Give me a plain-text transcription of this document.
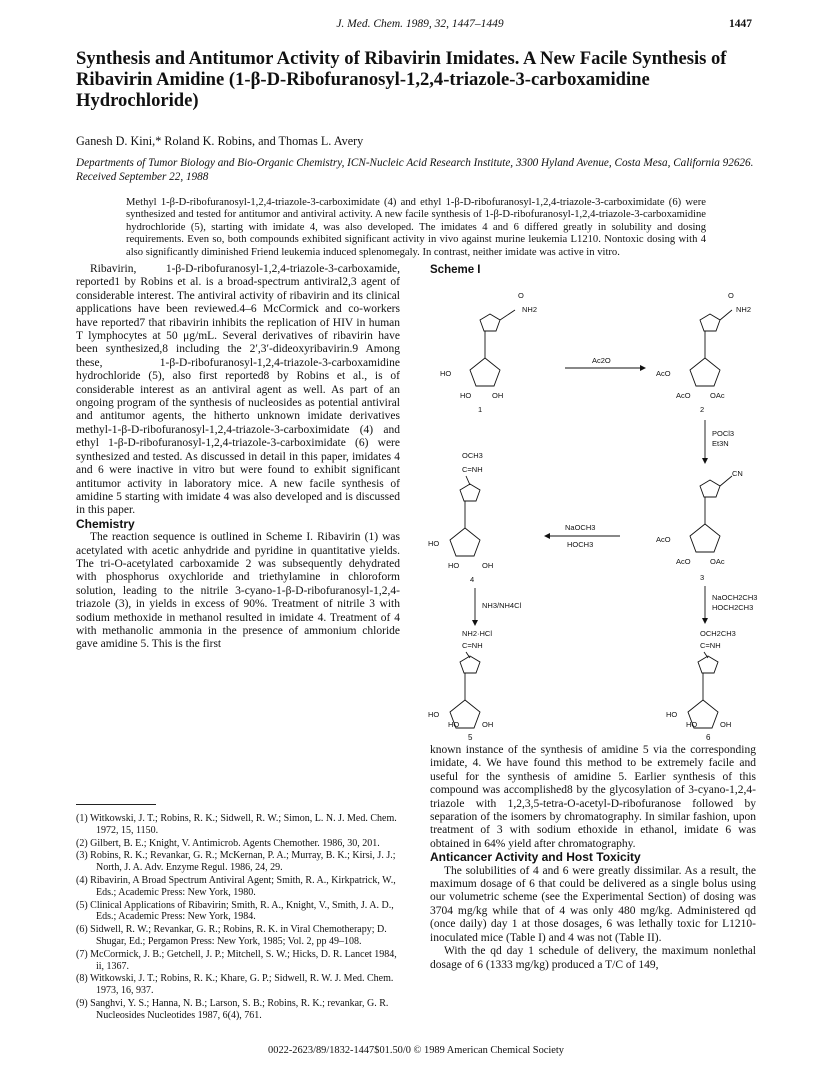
J. Med. Chem. 1989, 32, 1447–1449	1447
Synthesis and Antitumor Activity of Ribavirin Imidates. A New Facile Synthesis of Ribavirin Amidine (1-β-D-Ribofuranosyl-1,2,4-triazole-3-carboxamidine Hydrochloride)
Ganesh D. Kini,* Roland K. Robins, and Thomas L. Avery
Departments of Tumor Biology and Bio-Organic Chemistry, ICN-Nucleic Acid Research Institute, 3300 Hyland Avenue, Costa Mesa, California 92626. Received September 22, 1988
Methyl 1-β-D-ribofuranosyl-1,2,4-triazole-3-carboximidate (4) and ethyl 1-β-D-ribofuranosyl-1,2,4-triazole-3-carboximidate (6) were synthesized and tested for antitumor and antiviral activity. A new facile synthesis of 1-β-D-ribofuranosyl-1,2,4-triazole-3-carboxamidine hydrochloride (5), starting with imidate 4, was also developed. The imidates 4 and 6 differed greatly in solubility and dosing requirements. Even so, both compounds exhibited significant activity in vivo against murine leukemia L1210. Nontoxic dosing with 4 also significantly diminished Friend leukemia induced splenomegaly. In contrast, neither imidate was active in vitro.

Ribavirin, 1-β-D-ribofuranosyl-1,2,4-triazole-3-carboxamide, reported1 by Robins et al. is a broad-spectrum antiviral2,3 agent of considerable interest. The antiviral activity of ribavirin and its clinical applications have been reviewed.4–6 McCormick and co-workers have reported7 that ribavirin inhibits the replication of HIV in human T lymphocytes at 50 μg/mL. Several derivatives of ribavirin have been synthesized,8 including the 2′,3′-dideoxyribavirin.9 Among these, 1-β-D-ribofuranosyl-1,2,4-triazole-3-carboxamidine hydrochloride (5), also first reported8 by Robins et al., is of considerable interest as an antiviral agent as well. As part of an ongoing program of the synthesis of nucleosides as potential antiviral and antitumor agents, the hitherto unknown imidate derivatives methyl-1-β-D-ribofuranosyl-1,2,4-triazole-3-carboximidate (4) and ethyl 1-β-D-ribofuranosyl-1,2,4-triazole-3-carboximidate (6) were synthesized and tested. As discussed in detail in this paper, imidates 4 and 6 were inactive in vitro but were found to exhibit significant antitumor activity in laboratory mice. A new facile synthesis of amidine 5 starting with imidate 4 was also developed and is discussed in this paper.

Chemistry

The reaction sequence is outlined in Scheme I. Ribavirin (1) was acetylated with acetic anhydride and pyridine in quantitative yields. The tri-O-acetylated carboxamide 2 was subsequently dehydrated with phosphorus oxychloride and triethylamine in chloroform solution, leading to the nitrile 3-cyano-1-β-D-ribofuranosyl-1,2,4-triazole (3), in yields in excess of 90%. Treatment of nitrile 3 with sodium methoxide in methanol resulted in imidate 4. Treatment of 4 with methanolic ammonia in the presence of ammonium chloride gave amidine 5. This is the first

(1) Witkowski, J. T.; Robins, R. K.; Sidwell, R. W.; Simon, L. N. J. Med. Chem. 1972, 15, 1150.
(2) Gilbert, B. E.; Knight, V. Antimicrob. Agents Chemother. 1986, 30, 201.
(3) Robins, R. K.; Revankar, G. R.; McKernan, P. A.; Murray, B. K.; Kirsi, J. J.; North, J. A. Adv. Enzyme Regul. 1986, 24, 29.
(4) Ribavirin, A Broad Spectrum Antiviral Agent; Smith, R. A., Kirkpatrick, W., Eds.; Academic Press: New York, 1980.
(5) Clinical Applications of Ribavirin; Smith, R. A., Knight, V., Smith, J. A. D., Eds.; Academic Press: New York, 1984.
(6) Sidwell, R. W.; Revankar, G. R.; Robins, R. K. in Viral Chemotherapy; D. Shugar, Ed.; Pergamon Press: New York, 1985; Vol. 2, pp 49–108.
(7) McCormick, J. B.; Getchell, J. P.; Mitchell, S. W.; Hicks, D. R. Lancet 1984, ii, 1367.
(8) Witkowski, J. T.; Robins, R. K.; Khare, G. P.; Sidwell, R. W. J. Med. Chem. 1973, 16, 937.
(9) Sanghvi, Y. S.; Hanna, N. B.; Larson, S. B.; Robins, R. K.; revankar, G. R. Nucleosides Nucleotides 1987, 6(4), 761.
Scheme I
O
NH2
HO
HO	OH
1
Ac2O
O
NH2
AcO
AcO	OAc
2
POCl3
Et3N
OCH3
C=NH
HO
HO	OH
4
NaOCH3
HOCH3
CN
AcO
AcO	OAc
3
NH3/NH4Cl
NaOCH2CH3
HOCH2CH3
NH2·HCl
C=NH
HO
HO	OH
OCH2CH3
C=NH
HO
HO	OH

known instance of the synthesis of amidine 5 via the corresponding imidate, 4. We have found this method to be extremely facile and useful for the synthesis of amidine 5. Earlier synthesis of this compound was accomplished8 by the glycosylation of 3-cyano-1,2,4-triazole with 1,2,3,5-tetra-O-acetyl-D-ribofuranose followed by separation of the isomers by chromatography. In similar fashion, upon treatment of 3 with sodium ethoxide in ethanol, imidate 6 was obtained in 64% yield after chromatography.

Anticancer Activity and Host Toxicity

The solubilities of 4 and 6 were greatly dissimilar. As a result, the maximum dosage of 6 that could be delivered as a single bolus using our volumetric scheme (see the Experimental Section) of dosing was 3704 mg/kg while that of 4 was only 480 mg/kg. Administered qd (once daily) day 1 at those dosages, 6 was lethally toxic for L1210-inoculated mice (Table I) and 4 was not (Table II).

With the qd day 1 schedule of delivery, the maximum nonlethal dosage of 6 (1333 mg/kg) produced a T/C of 149,

0022-2623/89/1832-1447$01.50/0 © 1989 American Chemical Society
5	6
